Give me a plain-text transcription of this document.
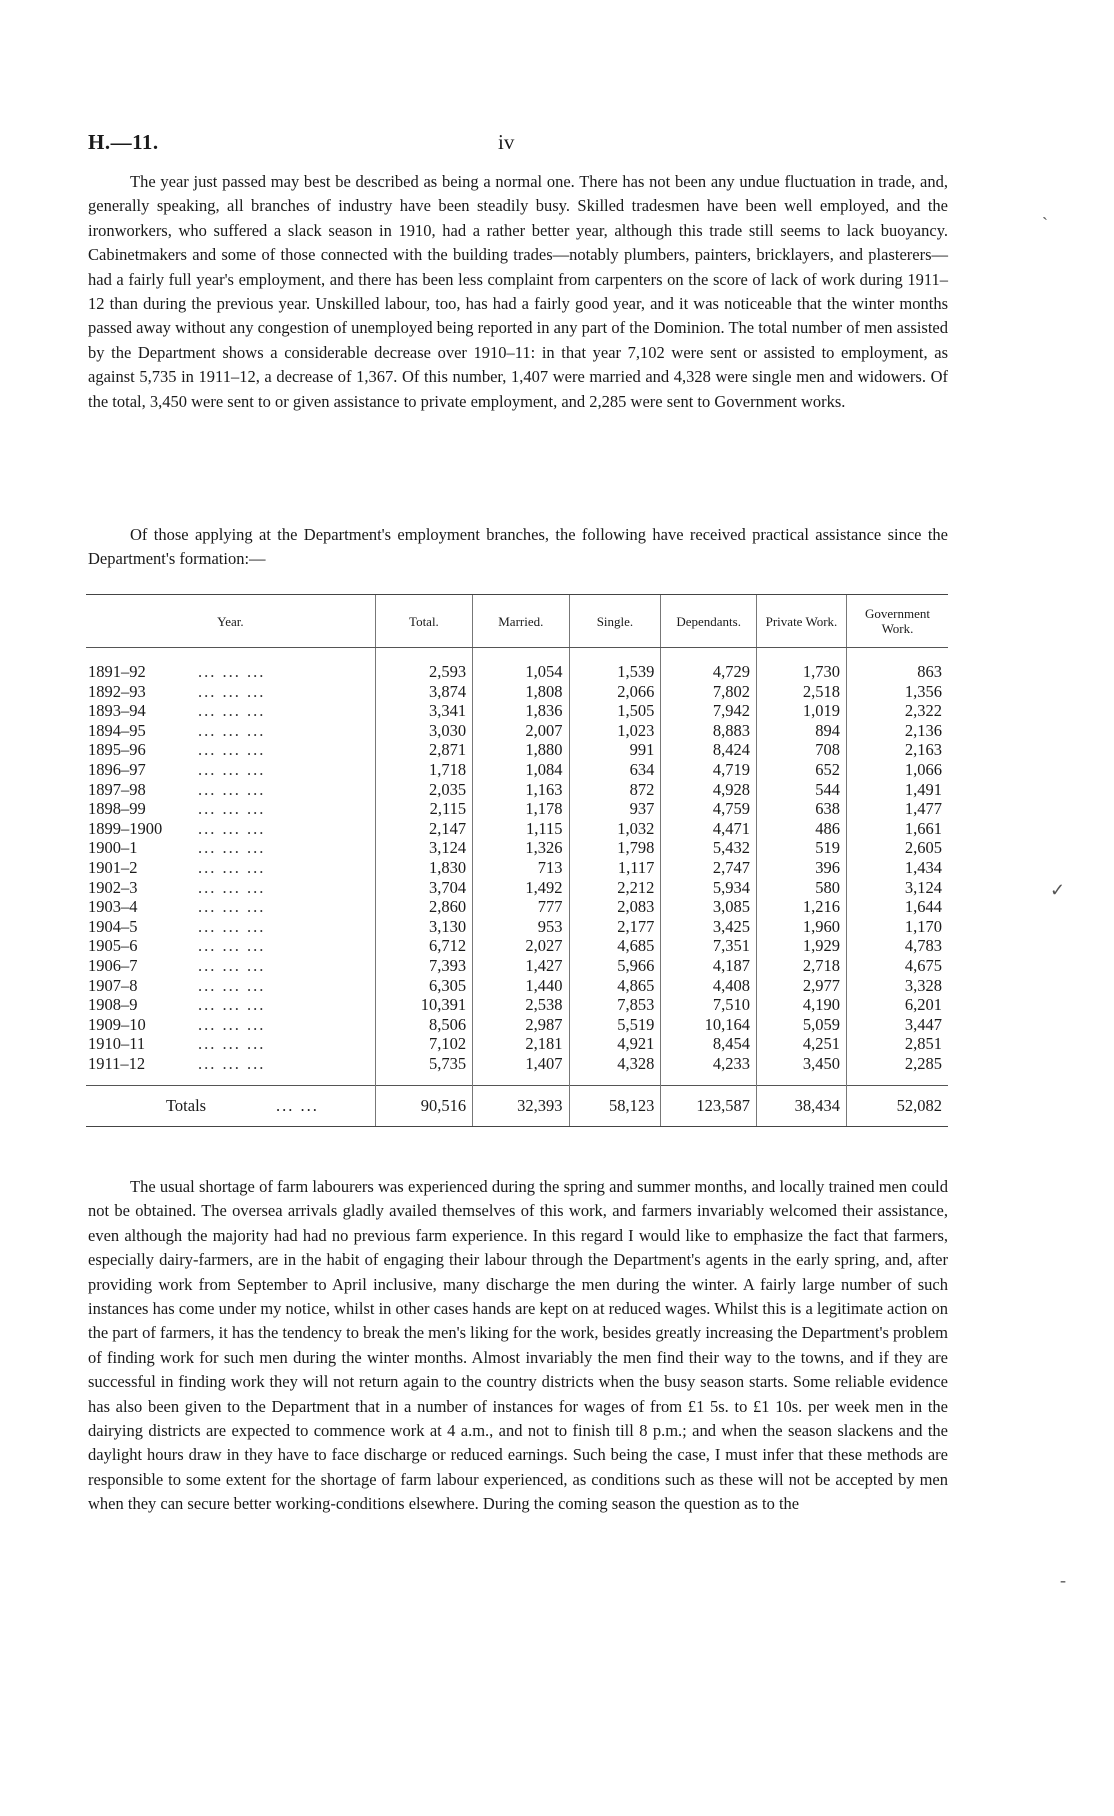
H.—11.	iv

The year just passed may best be described as being a normal one. There has not been any undue fluctuation in trade, and, generally speaking, all branches of industry have been steadily busy. Skilled tradesmen have been well employed, and the ironworkers, who suffered a slack season in 1910, had a rather better year, although this trade still seems to lack buoyancy. Cabinetmakers and some of those connected with the building trades—notably plumbers, painters, bricklayers, and plasterers—had a fairly full year's employment, and there has been less complaint from carpenters on the score of lack of work during 1911–12 than during the previous year. Unskilled labour, too, has had a fairly good year, and it was noticeable that the winter months passed away without any congestion of unemployed being reported in any part of the Dominion. The total number of men assisted by the Department shows a considerable decrease over 1910–11: in that year 7,102 were sent or assisted to employment, as against 5,735 in 1911–12, a decrease of 1,367. Of this number, 1,407 were married and 4,328 were single men and widowers. Of the total, 3,450 were sent to or given assistance to private employment, and 2,285 were sent to Government works.

Of those applying at the Department's employment branches, the following have received practical assistance since the Department's formation:—

Year.	Total.	Married.	Single.	Dependants.	Private Work.	Government Work.
1891–92 ... ... ...	2,593	1,054	1,539	4,729	1,730	863
1892–93 ... ... ...	3,874	1,808	2,066	7,802	2,518	1,356
1893–94 ... ... ...	3,341	1,836	1,505	7,942	1,019	2,322
1894–95 ... ... ...	3,030	2,007	1,023	8,883	894	2,136
1895–96 ... ... ...	2,871	1,880	991	8,424	708	2,163
1896–97 ... ... ...	1,718	1,084	634	4,719	652	1,066
1897–98 ... ... ...	2,035	1,163	872	4,928	544	1,491
1898–99 ... ... ...	2,115	1,178	937	4,759	638	1,477
1899–1900 ... ... ...	2,147	1,115	1,032	4,471	486	1,661
1900–1 ... ... ...	3,124	1,326	1,798	5,432	519	2,605
1901–2 ... ... ...	1,830	713	1,117	2,747	396	1,434
1902–3 ... ... ...	3,704	1,492	2,212	5,934	580	3,124
1903–4 ... ... ...	2,860	777	2,083	3,085	1,216	1,644
1904–5 ... ... ...	3,130	953	2,177	3,425	1,960	1,170
1905–6 ... ... ...	6,712	2,027	4,685	7,351	1,929	4,783
1906–7 ... ... ...	7,393	1,427	5,966	4,187	2,718	4,675
1907–8 ... ... ...	6,305	1,440	4,865	4,408	2,977	3,328
1908–9 ... ... ...	10,391	2,538	7,853	7,510	4,190	6,201
1909–10 ... ... ...	8,506	2,987	5,519	10,164	5,059	3,447
1910–11 ... ... ...	7,102	2,181	4,921	8,454	4,251	2,851
1911–12 ... ... ...	5,735	1,407	4,328	4,233	3,450	2,285
Totals ... ...	90,516	32,393	58,123	123,587	38,434	52,082

The usual shortage of farm labourers was experienced during the spring and summer months, and locally trained men could not be obtained. The oversea arrivals gladly availed themselves of this work, and farmers invariably welcomed their assistance, even although the majority had had no previous farm experience. In this regard I would like to emphasize the fact that farmers, especially dairy-farmers, are in the habit of engaging their labour through the Department's agents in the early spring, and, after providing work from September to April inclusive, many discharge the men during the winter. A fairly large number of such instances has come under my notice, whilst in other cases hands are kept on at reduced wages. Whilst this is a legitimate action on the part of farmers, it has the tendency to break the men's liking for the work, besides greatly increasing the Department's problem of finding work for such men during the winter months. Almost invariably the men find their way to the towns, and if they are successful in finding work they will not return again to the country districts when the busy season starts. Some reliable evidence has also been given to the Department that in a number of instances for wages of from £1 5s. to £1 10s. per week men in the dairying districts are expected to commence work at 4 a.m., and not to finish till 8 p.m.; and when the season slackens and the daylight hours draw in they have to face discharge or reduced earnings. Such being the case, I must infer that these methods are responsible to some extent for the shortage of farm labour experienced, as conditions such as these will not be accepted by men when they can secure better working-conditions elsewhere. During the coming season the question as to the

ˎ
✓
‐
